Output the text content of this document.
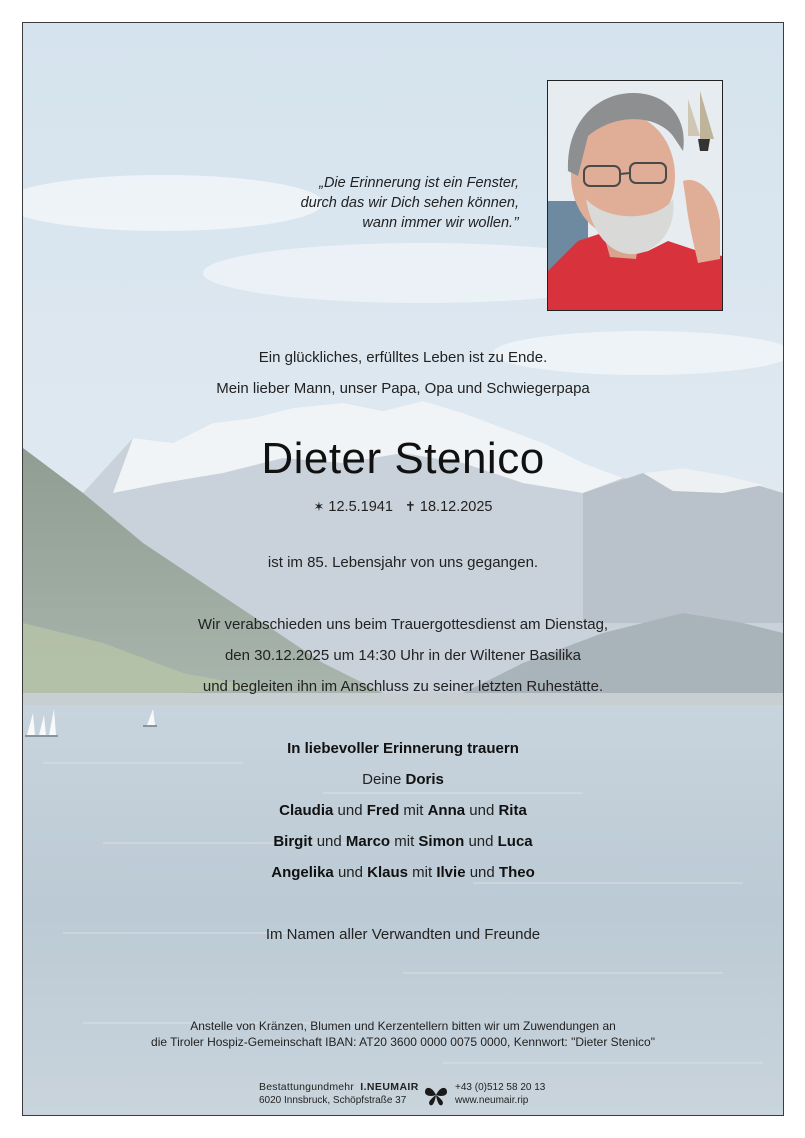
„Die Erinnerung ist ein Fenster,
durch das wir Dich sehen können,
wann immer wir wollen.’’
Ein glückliches, erfülltes Leben ist zu Ende.
Mein lieber Mann, unser Papa, Opa und Schwiegerpapa
Dieter Stenico
✶ 12.5.1941 ✝ 18.12.2025
ist im 85. Lebensjahr von uns gegangen.
Wir verabschieden uns beim Trauergottesdienst am Dienstag,
den 30.12.2025 um 14:30 Uhr in der Wiltener Basilika
und begleiten ihn im Anschluss zu seiner letzten Ruhestätte.
In liebevoller Erinnerung trauern
Deine Doris
Claudia und Fred mit Anna und Rita
Birgit und Marco mit Simon und Luca
Angelika und Klaus mit Ilvie und Theo
Im Namen aller Verwandten und Freunde
Anstelle von Kränzen, Blumen und Kerzentellern bitten wir um Zuwendungen an
die Tiroler Hospiz-Gemeinschaft IBAN: AT20 3600 0000 0075 0000, Kennwort: "Dieter Stenico"
Bestattungundmehr I.NEUMAIR
6020 Innsbruck, Schöpfstraße 37
+43 (0)512 58 20 13
www.neumair.rip
